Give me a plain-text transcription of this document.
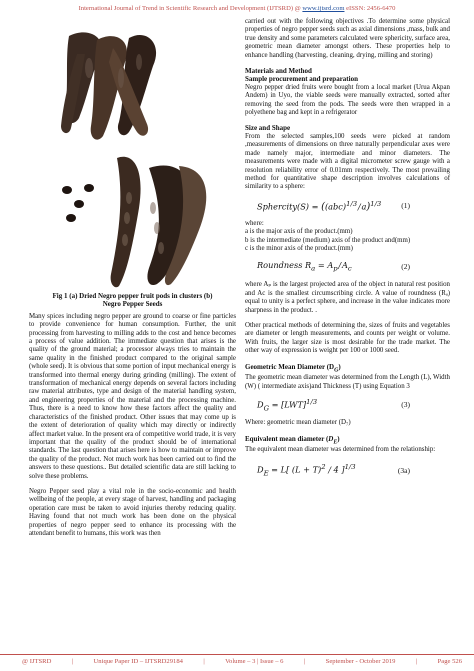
International Journal of Trend in Scientific Research and Development (IJTSRD) @ www.ijtsrd.com eISSN: 2456-6470
Fig 1 (a) Dried Negro pepper fruit pods in clusters (b)
Negro Pepper Seeds

Many spices including negro pepper are ground to coarse or fine particles to provide convenience for human consumption. Further, the unit processing from harvesting to milling adds to the cost and hence becomes a process of value addition. The immediate question that arises is the quality of the ground material; a processor always tries to maintain the same quality in the finished product compared to the original sample (whole seed). It is obvious that some portion of input mechanical energy is transformed into thermal energy during grinding (milling). The extent of transformation of mechanical energy depends on several factors including raw material attributes, type and design of the material handling system, and engineering properties of the material and the processing machine. Thus, there is a need to know how these factors affect the quality and characteristics of the finished product. Other issues that may come up is the extent of deterioration of quality which may directly or indirectly affect market value. In the present era of competitive world trade, it is very important that the quality of the product should be of international standards. The last question that arises here is how to maintain or improve the quality of the product. Not much work has been carried out to find the answers to these questions.. But detailed scientific data are still lacking to solve these problems.

Negro Pepper seed play a vital role in the socio-economic and health wellbeing of the people, at every stage of harvest, handling and packaging operation care must be taken to avoid injuries thereby reducing quality. Having found that not much work has been done on the physical properties of negro pepper seed to enhance its processing with the attendant benefit to humans, this work was then

carried out with the following objectives .To determine some physical properties of negro pepper seeds such as axial dimensions ,mass, bulk and true density and some parameters calculated were sphericity, surface area, geometric mean diameter amongst others. These properties help to enhance handling (harvesting, cleaning, drying, milling and storing)

Materials and Method
Sample procurement and preparation

Negro pepper dried fruits were bought from a local market (Urua Akpan Andem) in Uyo, the viable seeds were manually extracted, sorted after removing the seed from the pods. The seeds were then wrapped in a polyethene bag and kept in a refrigerator

Size and Shape

From the selected samples,100 seeds were picked at random ,measurements of dimensions on three naturally perpendicular axes were made namely major, intermediate and minor diameters. The measurements were made with a digital micrometer screw gauge with a resolution reliability error of 0.01mm respectively. The most prevailing method for quantitative shape description involves calculations of similarity to a sphere:

Sphercity(S) = ((abc)$^{1/3}$ / a)$^{1/3}$	(1)

where:

a is the major axis of the product.(mm)

b is the intermediate (medium) axis of the product and(mm)

c is the minor axis of the product.(mm)

Roundness $R_a = A_p$ / $A_c$	(2)

where Aₚ is the largest projected area of the object in natural rest position and Ac is the smallest circumscribing circle. A value of roundness (Rₐ) equal to unity is a perfect sphere, and increase in the value indicates more sharpness in the product. .

Other practical methods of determining the, sizes of fruits and vegetables are diameter or length measurements, and counts per weight or volume. With fruits, the larger size is most desirable for the trade market. The other way of expression is weight per 100 or 1000 seed.

Geometric Mean Diameter $(D_G)$

The geometric mean diameter was determined from the Length (L), Width (W) ( intermediate axis)and Thickness (T) using Equation 3

$D_G = [LWT]^{1/3}$	(3)

Where: geometric mean diameter (D₇)

Equivalent mean diameter $(D_E)$

The equivalent mean diameter was determined from the relationship:

$D_E = L$[ $(L + T)^2 / 4$ ]$^{1/3}$	(3a)
@ IJTSRD	|	Unique Paper ID – IJTSRD29184	|	Volume – 3 | Issue – 6	|	September - October 2019	|	Page 526
